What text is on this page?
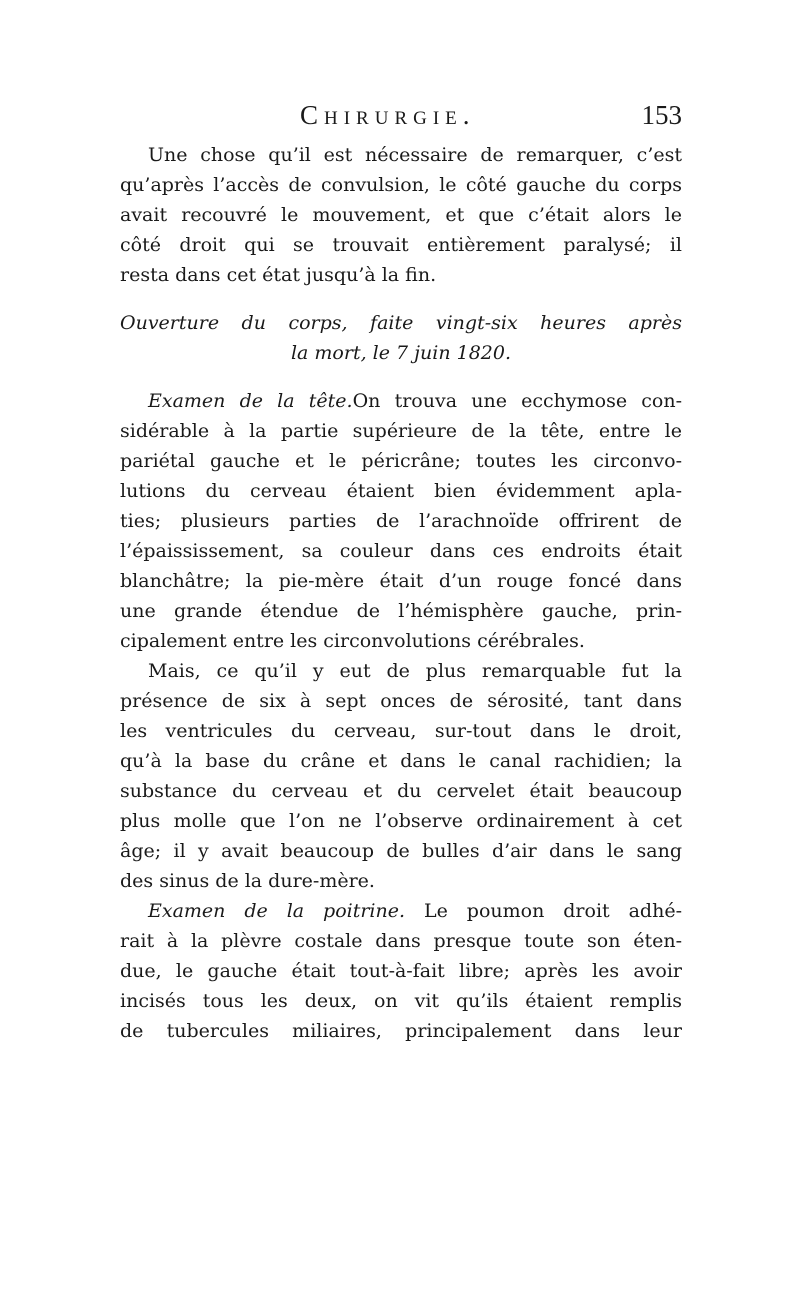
Chirurgie.	153
Une chose qu’il est nécessaire de remarquer, c’est
qu’après l’accès de convulsion, le côté gauche du corps
avait recouvré le mouvement, et que c’était alors le
côté droit qui se trouvait entièrement paralysé; il
resta dans cet état jusqu’à la fin.
Ouverture du corps, faite vingt-six heures après
la mort, le 7 juin 1820.
Examen de la tête.On trouva une ecchymose con-
sidérable à la partie supérieure de la tête, entre le
pariétal gauche et le péricrâne; toutes les circonvo-
lutions du cerveau étaient bien évidemment apla-
ties; plusieurs parties de l’arachnoïde offrirent de
l’épaississement, sa couleur dans ces endroits était
blanchâtre; la pie-mère était d’un rouge foncé dans
une grande étendue de l’hémisphère gauche, prin-
cipalement entre les circonvolutions cérébrales.
Mais, ce qu’il y eut de plus remarquable fut la
présence de six à sept onces de sérosité, tant dans
les ventricules du cerveau, sur-tout dans le droit,
qu’à la base du crâne et dans le canal rachidien; la
substance du cerveau et du cervelet était beaucoup
plus molle que l’on ne l’observe ordinairement à cet
âge; il y avait beaucoup de bulles d’air dans le sang
des sinus de la dure-mère.
Examen de la poitrine. Le poumon droit adhé-
rait à la plèvre costale dans presque toute son éten-
due, le gauche était tout-à-fait libre; après les avoir
incisés tous les deux, on vit qu’ils étaient remplis
de tubercules miliaires, principalement dans leur
